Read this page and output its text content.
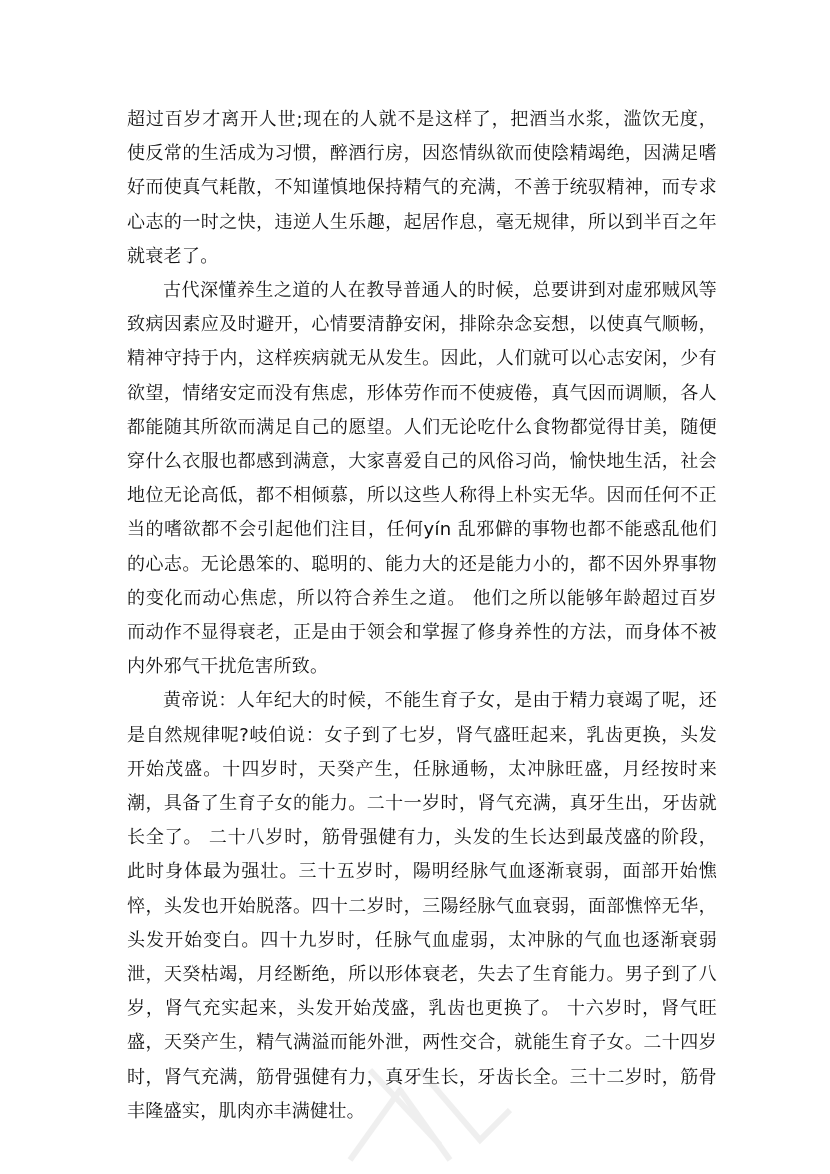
超过百岁才离开人世;现在的人就不是这样了，把酒当水浆，滥饮无度，使反常的生活成为习惯，醉酒行房，因恣情纵欲而使陰精竭绝，因满足嗜好而使真气耗散，不知谨慎地保持精气的充满，不善于统驭精神，而专求心志的一时之快，违逆人生乐趣，起居作息，毫无规律，所以到半百之年就衰老了。

古代深懂养生之道的人在教导普通人的时候，总要讲到对虚邪贼风等致病因素应及时避开，心情要清静安闲，排除杂念妄想，以使真气顺畅，精神守持于内，这样疾病就无从发生。因此，人们就可以心志安闲，少有欲望，情绪安定而没有焦虑，形体劳作而不使疲倦，真气因而调顺，各人都能随其所欲而满足自己的愿望。人们无论吃什么食物都觉得甘美，随便穿什么衣服也都感到满意，大家喜爱自己的风俗习尚，愉快地生活，社会地位无论高低，都不相倾慕，所以这些人称得上朴实无华。因而任何不正当的嗜欲都不会引起他们注目，任何yín 乱邪僻的事物也都不能惑乱他们的心志。无论愚笨的、聪明的、能力大的还是能力小的，都不因外界事物的变化而动心焦虑，所以符合养生之道。 他们之所以能够年龄超过百岁而动作不显得衰老，正是由于领会和掌握了修身养性的方法，而身体不被内外邪气干扰危害所致。

黄帝说：人年纪大的时候，不能生育子女，是由于精力衰竭了呢，还是自然规律呢?岐伯说：女子到了七岁，肾气盛旺起来，乳齿更换，头发开始茂盛。十四岁时，天癸产生，任脉通畅，太冲脉旺盛，月经按时来潮，具备了生育子女的能力。二十一岁时，肾气充满，真牙生出，牙齿就长全了。 二十八岁时，筋骨强健有力，头发的生长达到最茂盛的阶段，此时身体最为强壮。三十五岁时，陽明经脉气血逐渐衰弱，面部开始憔悴，头发也开始脱落。四十二岁时，三陽经脉气血衰弱，面部憔悴无华，头发开始变白。四十九岁时，任脉气血虚弱，太冲脉的气血也逐渐衰弱泄，天癸枯竭，月经断绝，所以形体衰老，失去了生育能力。男子到了八岁，肾气充实起来，头发开始茂盛，乳齿也更换了。 十六岁时，肾气旺盛，天癸产生，精气满溢而能外泄，两性交合，就能生育子女。二十四岁时，肾气充满，筋骨强健有力，真牙生长，牙齿长全。三十二岁时，筋骨丰隆盛实，肌肉亦丰满健壮。
